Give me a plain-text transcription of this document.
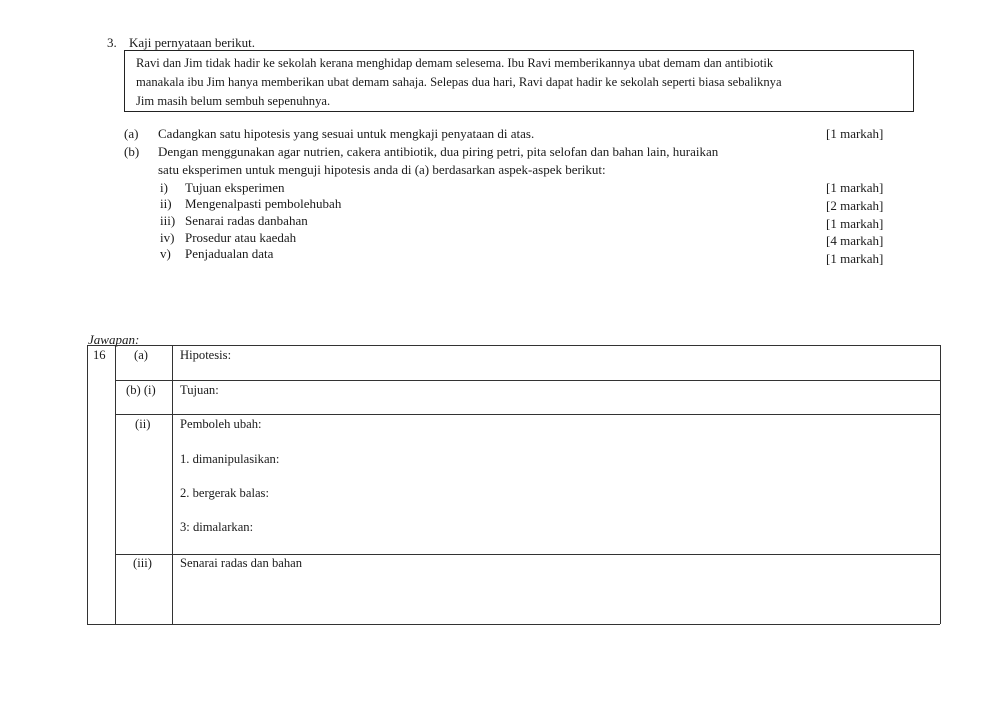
3. Kaji pernyataan berikut.
Ravi dan Jim tidak hadir ke sekolah kerana menghidap demam selesema. Ibu Ravi memberikannya ubat demam dan antibiotik
manakala ibu Jim hanya memberikan ubat demam sahaja. Selepas dua hari, Ravi dapat hadir ke sekolah seperti biasa sebaliknya
Jim masih belum sembuh sepenuhnya.
(a) Cadangkan satu hipotesis yang sesuai untuk mengkaji penyataan di atas.	[1 markah]
(b) Dengan menggunakan agar nutrien, cakera antibiotik, dua piring petri, pita selofan dan bahan lain, huraikan
satu eksperimen untuk menguji hipotesis anda di (a) berdasarkan aspek-aspek berikut:
i) Tujuan eksperimen	[1 markah]
ii) Mengenalpasti pembolehubah	[2 markah]
iii) Senarai radas danbahan	[1 markah]
iv) Prosedur atau kaedah	[4 markah]
v) Penjadualan data	[1 markah]
Jawapan:
16 (a)	Hipotesis:
(b) (i) Tujuan:
(ii) Pemboleh ubah:
1. dimanipulasikan:
2. bergerak balas:
3: dimalarkan:
(iii) Senarai radas dan bahan
